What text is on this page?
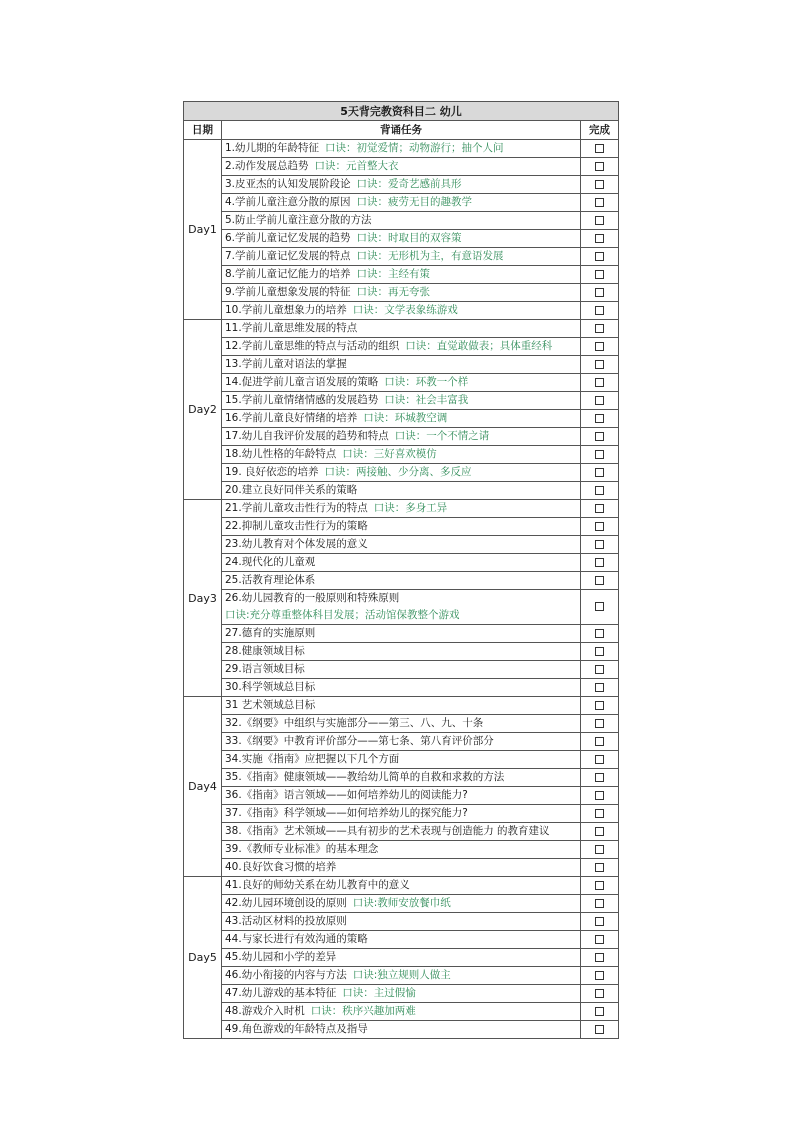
5天背完教资科目二 幼儿		
日期	背诵任务	完成
Day1	1.幼儿期的年龄特征 口诀：初觉爱情；动物游行；抽个人问	
	2.动作发展总趋势 口诀：元首整大衣	
	3.皮亚杰的认知发展阶段论 口诀：爱奇艺感前具形	
	4.学前儿童注意分散的原因 口诀：疲劳无目的趣教学	
	5.防止学前儿童注意分散的方法	
	6.学前儿童记忆发展的趋势 口诀：时取目的双容策	
	7.学前儿童记忆发展的特点 口诀：无形机为主，有意语发展	
	8.学前儿童记忆能力的培养 口诀：主经有策	
	9.学前儿童想象发展的特征 口诀：再无夸张	
	10.学前儿童想象力的培养 口诀：文学表象练游戏	
Day2	11.学前儿童思维发展的特点	
	12.学前儿童思维的特点与活动的组织 口诀：直觉敢做表；具体重经科	
	13.学前儿童对语法的掌握	
	14.促进学前儿童言语发展的策略 口诀：环教一个样	
	15.学前儿童情绪情感的发展趋势 口诀：社会丰富我	
	16.学前儿童良好情绪的培养 口诀：环城教空调	
	17.幼儿自我评价发展的趋势和特点 口诀：一个不情之请	
	18.幼儿性格的年龄特点 口诀：三好喜欢模仿	
	19. 良好依恋的培养 口诀：两接触、少分离、多反应	
	20.建立良好同伴关系的策略	
Day3	21.学前儿童攻击性行为的特点 口诀：多身工异	
	22.抑制儿童攻击性行为的策略	
	23.幼儿教育对个体发展的意义	
	24.现代化的儿童观	
	25.活教育理论体系	
	26.幼儿园教育的一般原则和特殊原则
口诀:充分尊重整体科目发展；活动馆保教整个游戏	

	27.德育的实施原则	
	28.健康领域目标	
	29.语言领域目标	
	30.科学领域总目标	
Day4	31 艺术领域总目标	
	32.《纲要》中组织与实施部分——第三、八、九、十条	
	33.《纲要》中教育评价部分——第七条、第八育评价部分	
	34.实施《指南》应把握以下几个方面	
	35.《指南》健康领域——教给幼儿简单的自救和求救的方法	
	36.《指南》语言领域——如何培养幼儿的阅读能力?	
	37.《指南》科学领域——如何培养幼儿的探究能力?	
	38.《指南》艺术领域——具有初步的艺术表现与创造能力 的教育建议	
	39.《教师专业标准》的基本理念	
	40.良好饮食习惯的培养	
Day5	41.良好的师幼关系在幼儿教育中的意义	
	42.幼儿园环境创设的原则 口诀:教师安放餐巾纸	
	43.活动区材料的投放原则	
	44.与家长进行有效沟通的策略	
	45.幼儿园和小学的差异	
	46.幼小衔接的内容与方法 口诀:独立规则人做主	
	47.幼儿游戏的基本特征 口诀：主过假愉	
	48.游戏介入时机 口诀：秩序兴趣加两难	
	49.角色游戏的年龄特点及指导	
